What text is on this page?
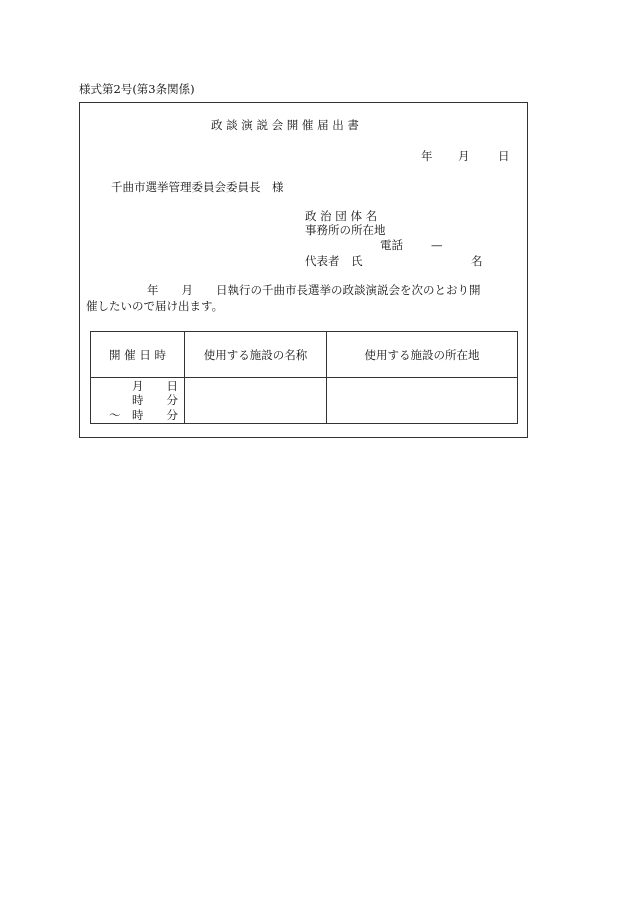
様式第2号(第3条関係)
政 談 演 説 会 開 催 届 出 書
年 月 日
千曲市選挙管理委員会委員長　様
政 治 団 体 名
事務所の所在地
電話 —
代表者　氏	名
年　　月　　日執行の千曲市長選挙の政談演説会を次のとおり開
催したいので届け出ます。
開 催 日 時	使用する施設の名称	使用する施設の所在地

月　　日
時　　分
～　時　　分		
